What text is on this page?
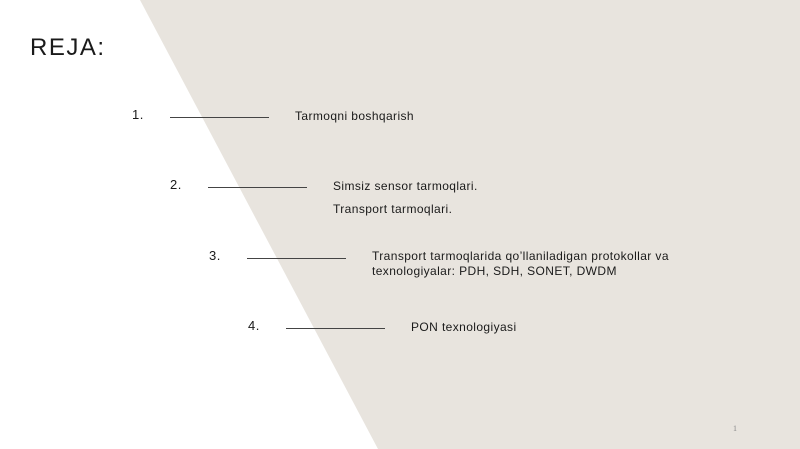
REJA:
1.	Tarmoqni boshqarish
2.	Simsiz sensor tarmoqlari.
Transport tarmoqlari.
3.	Transport tarmoqlarida qo’llaniladigan protokollar va
texnologiyalar: PDH, SDH, SONET, DWDM
4.	PON texnologiyasi
1
